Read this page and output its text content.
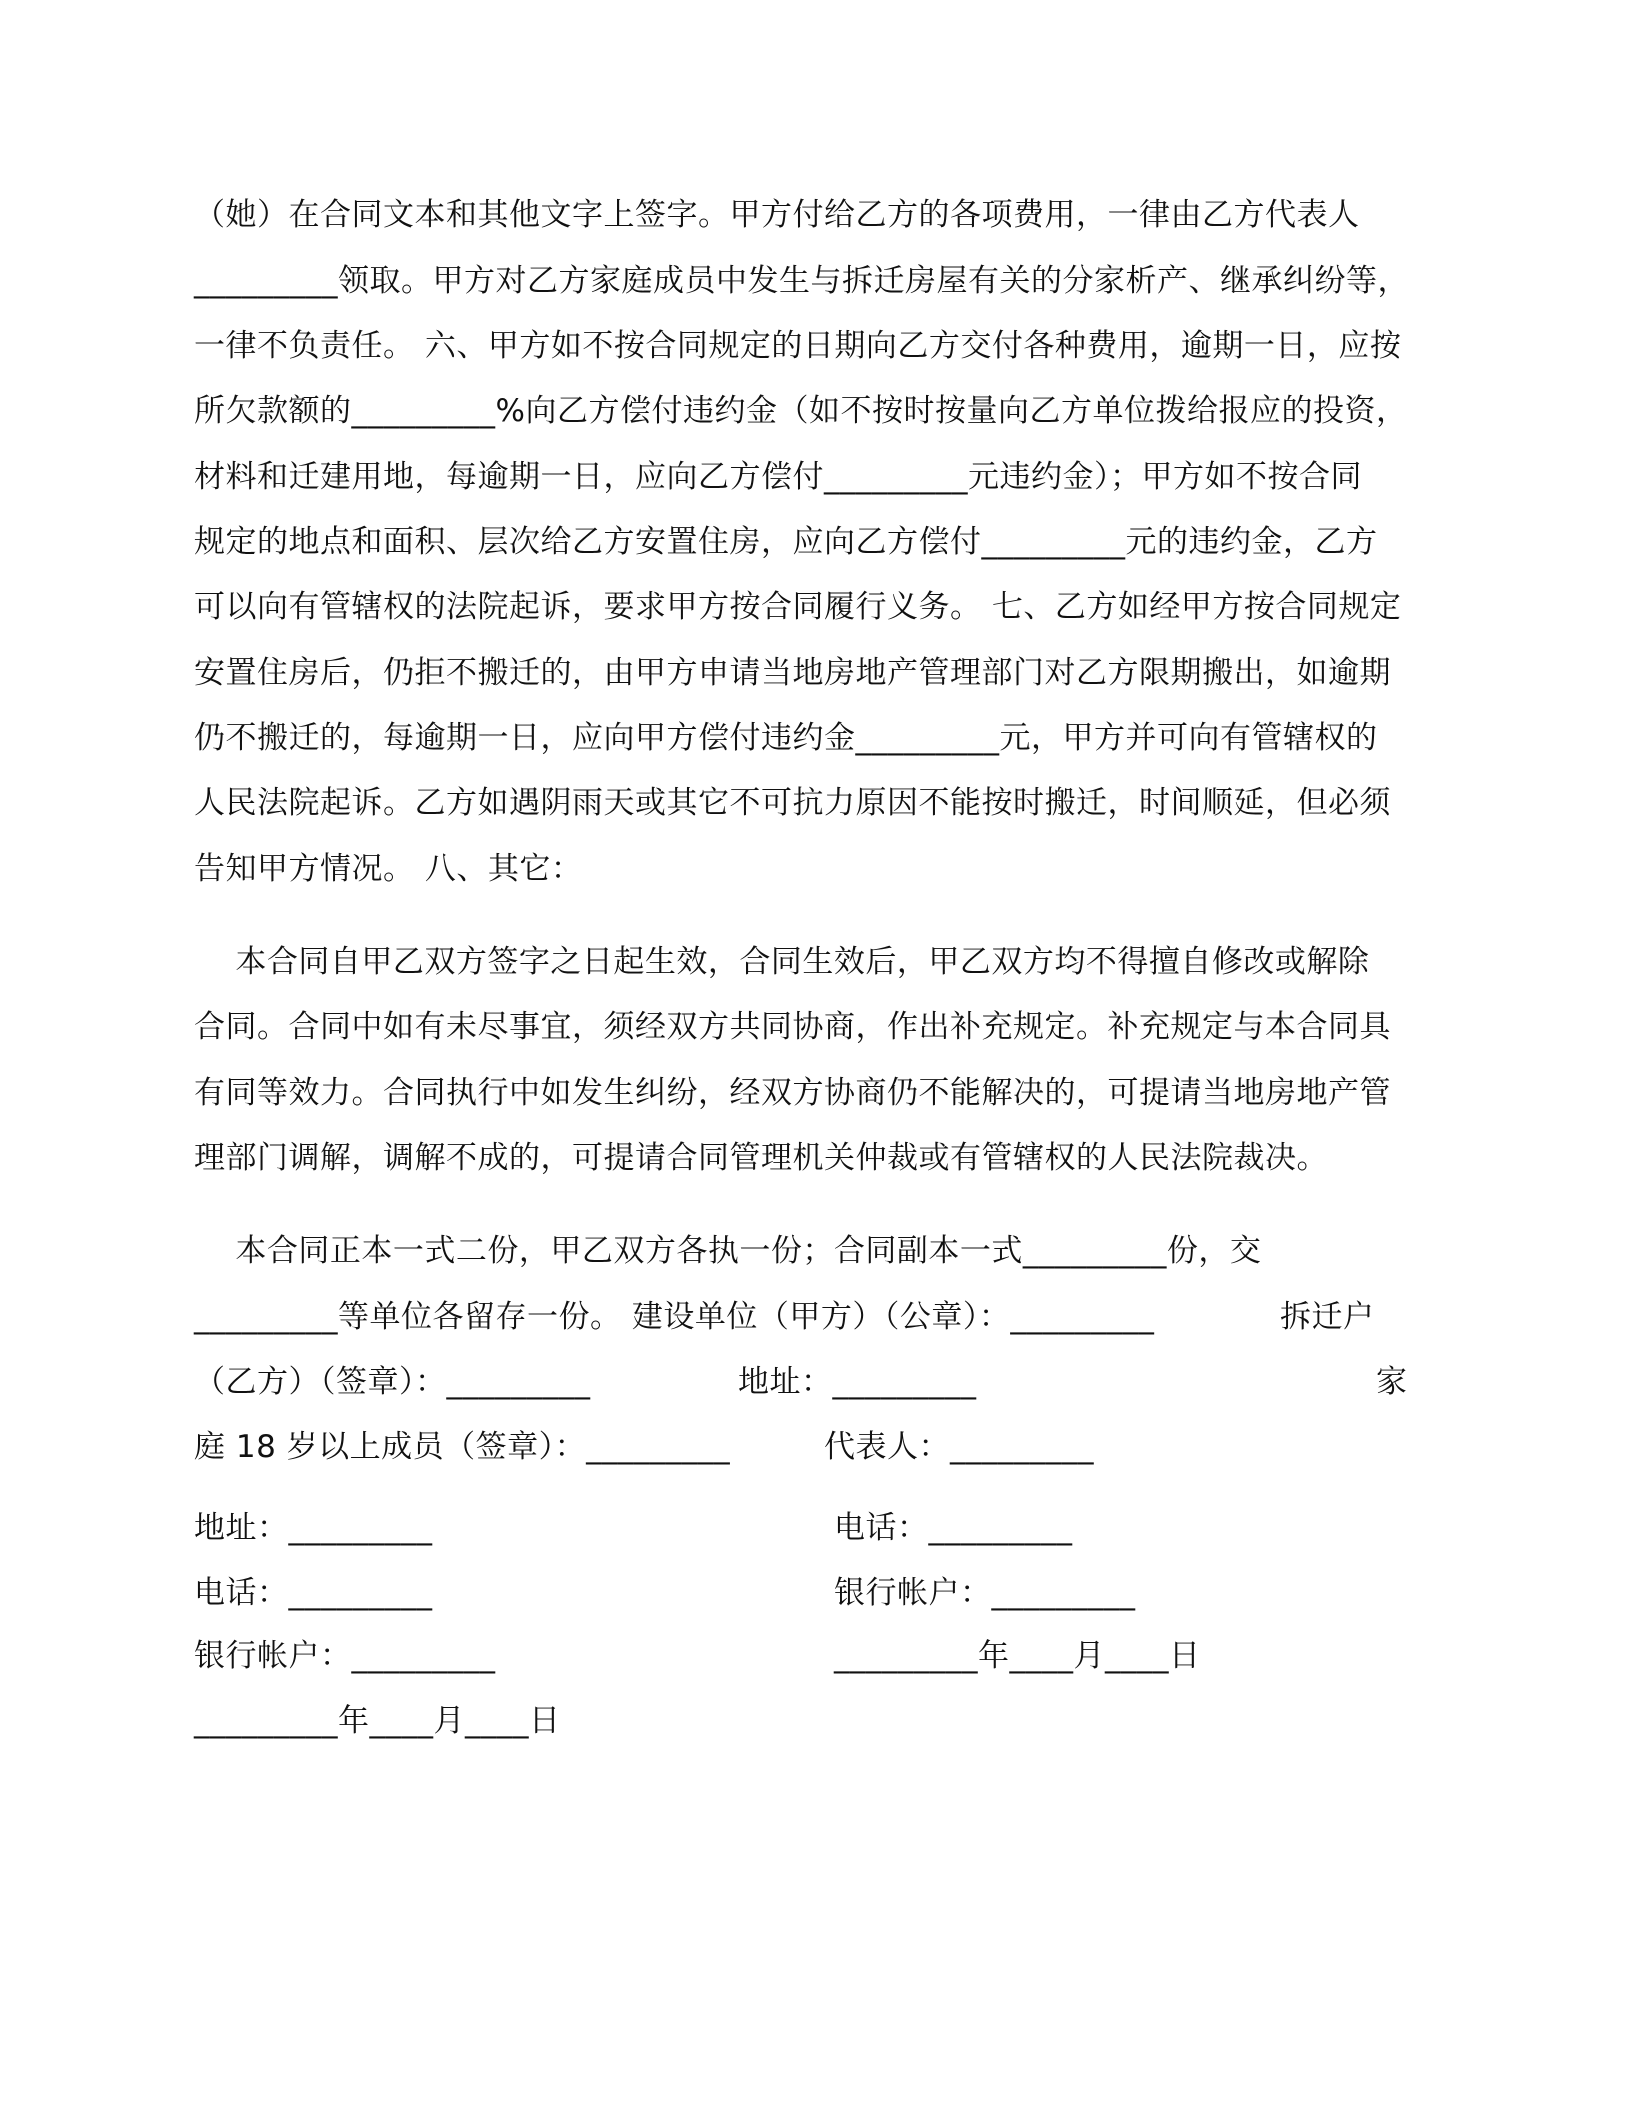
（她）在合同文本和其他文字上签字。甲方付给乙方的各项费用，一律由乙方代表人
_________领取。甲方对乙方家庭成员中发生与拆迁房屋有关的分家析产、继承纠纷等，
一律不负责任。 六、甲方如不按合同规定的日期向乙方交付各种费用，逾期一日，应按
所欠款额的_________%向乙方偿付违约金（如不按时按量向乙方单位拨给报应的投资，
材料和迁建用地，每逾期一日，应向乙方偿付_________元违约金）；甲方如不按合同
规定的地点和面积、层次给乙方安置住房，应向乙方偿付_________元的违约金，乙方
可以向有管辖权的法院起诉，要求甲方按合同履行义务。 七、乙方如经甲方按合同规定
安置住房后，仍拒不搬迁的，由甲方申请当地房地产管理部门对乙方限期搬出，如逾期
仍不搬迁的，每逾期一日，应向甲方偿付违约金_________元，甲方并可向有管辖权的
人民法院起诉。乙方如遇阴雨天或其它不可抗力原因不能按时搬迁，时间顺延，但必须
告知甲方情况。 八、其它：
本合同自甲乙双方签字之日起生效，合同生效后，甲乙双方均不得擅自修改或解除
合同。合同中如有未尽事宜，须经双方共同协商，作出补充规定。补充规定与本合同具
有同等效力。合同执行中如发生纠纷，经双方协商仍不能解决的，可提请当地房地产管
理部门调解，调解不成的，可提请合同管理机关仲裁或有管辖权的人民法院裁决。
本合同正本一式二份，甲乙双方各执一份；合同副本一式_________份，交
_________等单位各留存一份。 建设单位（甲方）（公章）：_________	拆迁户
（乙方）（签章）：_________	地址：_________	家
庭 18 岁以上成员（签章）：_________	代表人：_________
地址：_________	电话：_________
电话：_________	银行帐户：_________
银行帐户：_________	_________年____月____日
_________年____月____日
